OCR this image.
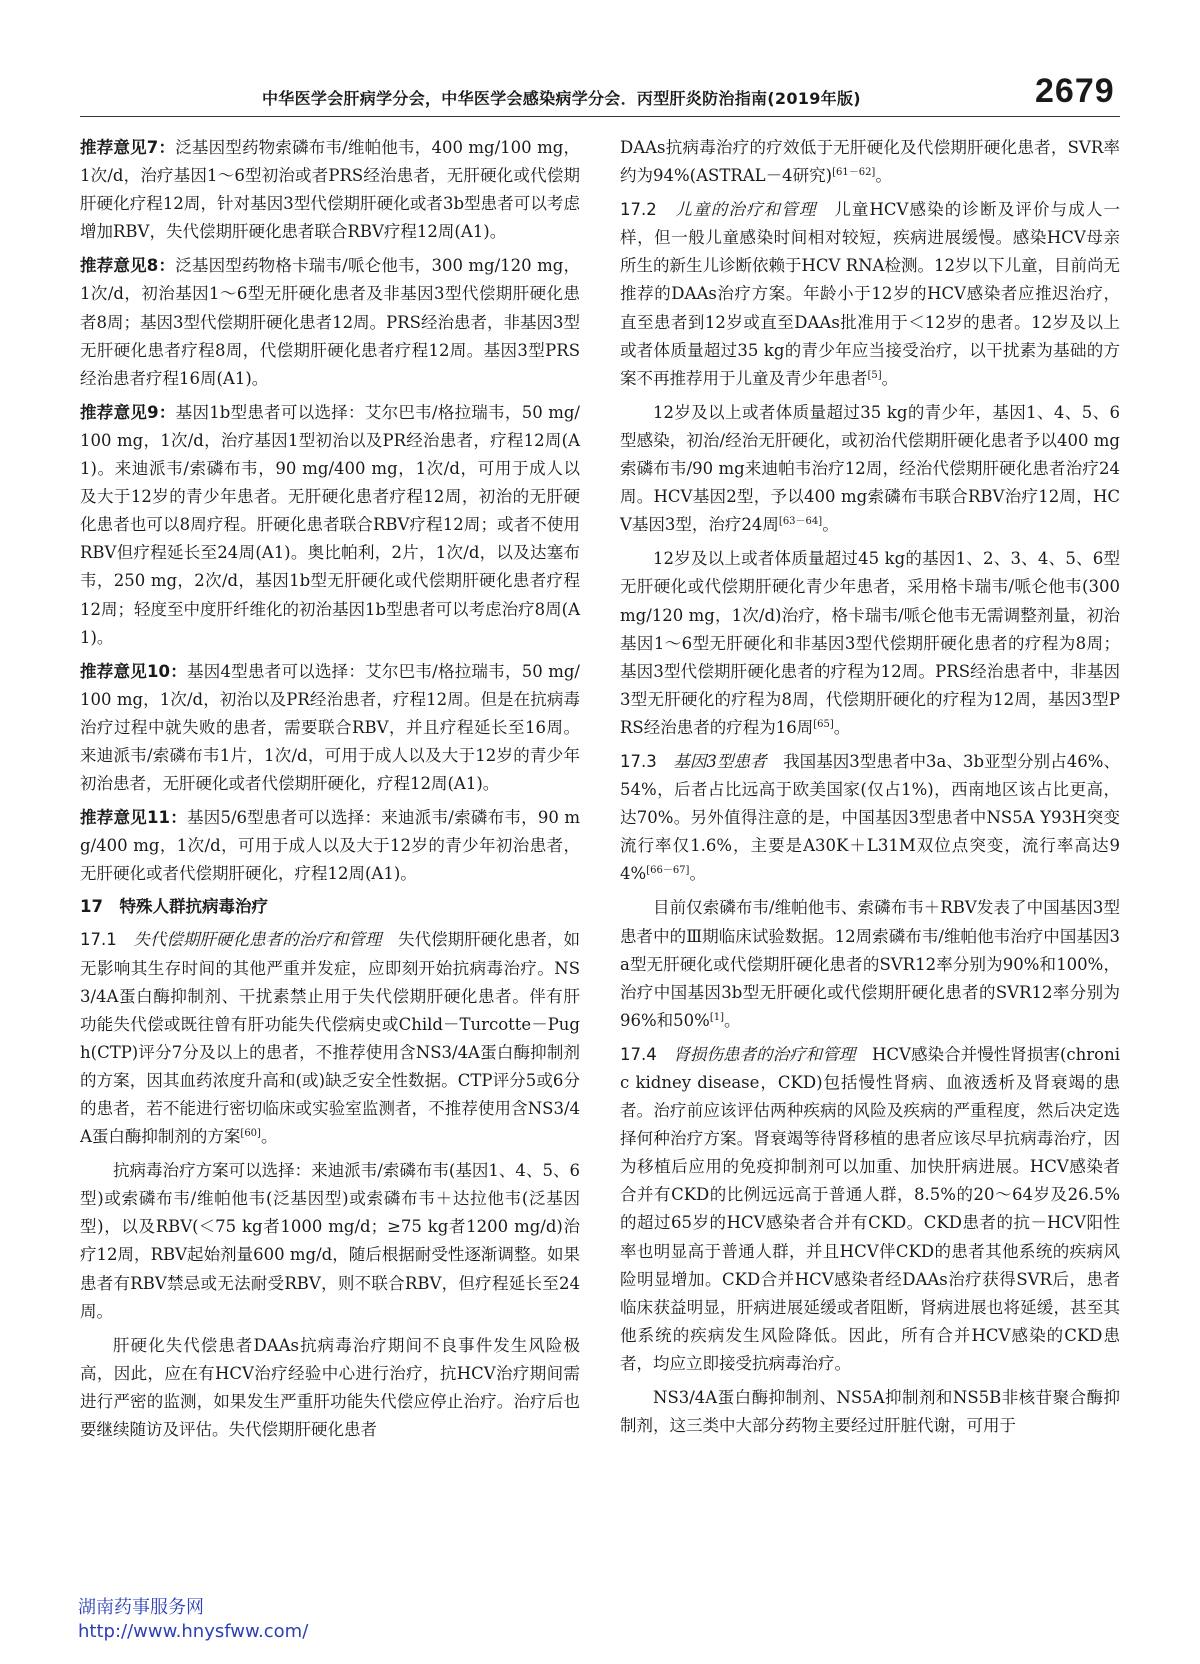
中华医学会肝病学分会，中华医学会感染病学分会．丙型肝炎防治指南(2019年版)	2679

推荐意见7：泛基因型药物索磷布韦/维帕他韦，400 mg/100 mg，1次/d，治疗基因1～6型初治或者PRS经治患者，无肝硬化或代偿期肝硬化疗程12周，针对基因3型代偿期肝硬化或者3b型患者可以考虑增加RBV，失代偿期肝硬化患者联合RBV疗程12周(A1)。

推荐意见8：泛基因型药物格卡瑞韦/哌仑他韦，300 mg/120 mg，1次/d，初治基因1～6型无肝硬化患者及非基因3型代偿期肝硬化患者8周；基因3型代偿期肝硬化患者12周。PRS经治患者，非基因3型无肝硬化患者疗程8周，代偿期肝硬化患者疗程12周。基因3型PRS经治患者疗程16周(A1)。

推荐意见9：基因1b型患者可以选择：艾尔巴韦/格拉瑞韦，50 mg/100 mg，1次/d，治疗基因1型初治以及PR经治患者，疗程12周(A1)。来迪派韦/索磷布韦，90 mg/400 mg，1次/d，可用于成人以及大于12岁的青少年患者。无肝硬化患者疗程12周，初治的无肝硬化患者也可以8周疗程。肝硬化患者联合RBV疗程12周；或者不使用RBV但疗程延长至24周(A1)。奥比帕利，2片，1次/d，以及达塞布韦，250 mg，2次/d，基因1b型无肝硬化或代偿期肝硬化患者疗程12周；轻度至中度肝纤维化的初治基因1b型患者可以考虑治疗8周(A1)。

推荐意见10：基因4型患者可以选择：艾尔巴韦/格拉瑞韦，50 mg/100 mg，1次/d，初治以及PR经治患者，疗程12周。但是在抗病毒治疗过程中就失败的患者，需要联合RBV，并且疗程延长至16周。来迪派韦/索磷布韦1片，1次/d，可用于成人以及大于12岁的青少年初治患者，无肝硬化或者代偿期肝硬化，疗程12周(A1)。

推荐意见11：基因5/6型患者可以选择：来迪派韦/索磷布韦，90 mg/400 mg，1次/d，可用于成人以及大于12岁的青少年初治患者，无肝硬化或者代偿期肝硬化，疗程12周(A1)。

17　特殊人群抗病毒治疗

17.1　失代偿期肝硬化患者的治疗和管理　失代偿期肝硬化患者，如无影响其生存时间的其他严重并发症，应即刻开始抗病毒治疗。NS3/4A蛋白酶抑制剂、干扰素禁止用于失代偿期肝硬化患者。伴有肝功能失代偿或既往曾有肝功能失代偿病史或Child－Turcotte－Pugh(CTP)评分7分及以上的患者，不推荐使用含NS3/4A蛋白酶抑制剂的方案，因其血药浓度升高和(或)缺乏安全性数据。CTP评分5或6分的患者，若不能进行密切临床或实验室监测者，不推荐使用含NS3/4A蛋白酶抑制剂的方案[60]。

抗病毒治疗方案可以选择：来迪派韦/索磷布韦(基因1、4、5、6型)或索磷布韦/维帕他韦(泛基因型)或索磷布韦＋达拉他韦(泛基因型)，以及RBV(＜75 kg者1000 mg/d；≥75 kg者1200 mg/d)治疗12周，RBV起始剂量600 mg/d，随后根据耐受性逐渐调整。如果患者有RBV禁忌或无法耐受RBV，则不联合RBV，但疗程延长至24周。

肝硬化失代偿患者DAAs抗病毒治疗期间不良事件发生风险极高，因此，应在有HCV治疗经验中心进行治疗，抗HCV治疗期间需进行严密的监测，如果发生严重肝功能失代偿应停止治疗。治疗后也要继续随访及评估。失代偿期肝硬化患者

DAAs抗病毒治疗的疗效低于无肝硬化及代偿期肝硬化患者，SVR率约为94%(ASTRAL－4研究)[61－62]。

17.2　儿童的治疗和管理　儿童HCV感染的诊断及评价与成人一样，但一般儿童感染时间相对较短，疾病进展缓慢。感染HCV母亲所生的新生儿诊断依赖于HCV RNA检测。12岁以下儿童，目前尚无推荐的DAAs治疗方案。年龄小于12岁的HCV感染者应推迟治疗，直至患者到12岁或直至DAAs批准用于＜12岁的患者。12岁及以上或者体质量超过35 kg的青少年应当接受治疗，以干扰素为基础的方案不再推荐用于儿童及青少年患者[5]。

12岁及以上或者体质量超过35 kg的青少年，基因1、4、5、6型感染，初治/经治无肝硬化，或初治代偿期肝硬化患者予以400 mg索磷布韦/90 mg来迪帕韦治疗12周，经治代偿期肝硬化患者治疗24周。HCV基因2型，予以400 mg索磷布韦联合RBV治疗12周，HCV基因3型，治疗24周[63－64]。

12岁及以上或者体质量超过45 kg的基因1、2、3、4、5、6型无肝硬化或代偿期肝硬化青少年患者，采用格卡瑞韦/哌仑他韦(300 mg/120 mg，1次/d)治疗，格卡瑞韦/哌仑他韦无需调整剂量，初治基因1～6型无肝硬化和非基因3型代偿期肝硬化患者的疗程为8周；基因3型代偿期肝硬化患者的疗程为12周。PRS经治患者中，非基因3型无肝硬化的疗程为8周，代偿期肝硬化的疗程为12周，基因3型PRS经治患者的疗程为16周[65]。

17.3　基因3型患者　我国基因3型患者中3a、3b亚型分别占46%、54%，后者占比远高于欧美国家(仅占1%)，西南地区该占比更高，达70%。另外值得注意的是，中国基因3型患者中NS5A Y93H突变流行率仅1.6%，主要是A30K＋L31M双位点突变，流行率高达94%[66－67]。

目前仅索磷布韦/维帕他韦、索磷布韦＋RBV发表了中国基因3型患者中的Ⅲ期临床试验数据。12周索磷布韦/维帕他韦治疗中国基因3a型无肝硬化或代偿期肝硬化患者的SVR12率分别为90%和100%，治疗中国基因3b型无肝硬化或代偿期肝硬化患者的SVR12率分别为96%和50%[1]。

17.4　肾损伤患者的治疗和管理　HCV感染合并慢性肾损害(chronic kidney disease，CKD)包括慢性肾病、血液透析及肾衰竭的患者。治疗前应该评估两种疾病的风险及疾病的严重程度，然后决定选择何种治疗方案。肾衰竭等待肾移植的患者应该尽早抗病毒治疗，因为移植后应用的免疫抑制剂可以加重、加快肝病进展。HCV感染者合并有CKD的比例远远高于普通人群，8.5%的20～64岁及26.5%的超过65岁的HCV感染者合并有CKD。CKD患者的抗－HCV阳性率也明显高于普通人群，并且HCV伴CKD的患者其他系统的疾病风险明显增加。CKD合并HCV感染者经DAAs治疗获得SVR后，患者临床获益明显，肝病进展延缓或者阻断，肾病进展也将延缓，甚至其他系统的疾病发生风险降低。因此，所有合并HCV感染的CKD患者，均应立即接受抗病毒治疗。

NS3/4A蛋白酶抑制剂、NS5A抑制剂和NS5B非核苷聚合酶抑制剂，这三类中大部分药物主要经过肝脏代谢，可用于

湖南药事服务网
http://www.hnysfww.com/
